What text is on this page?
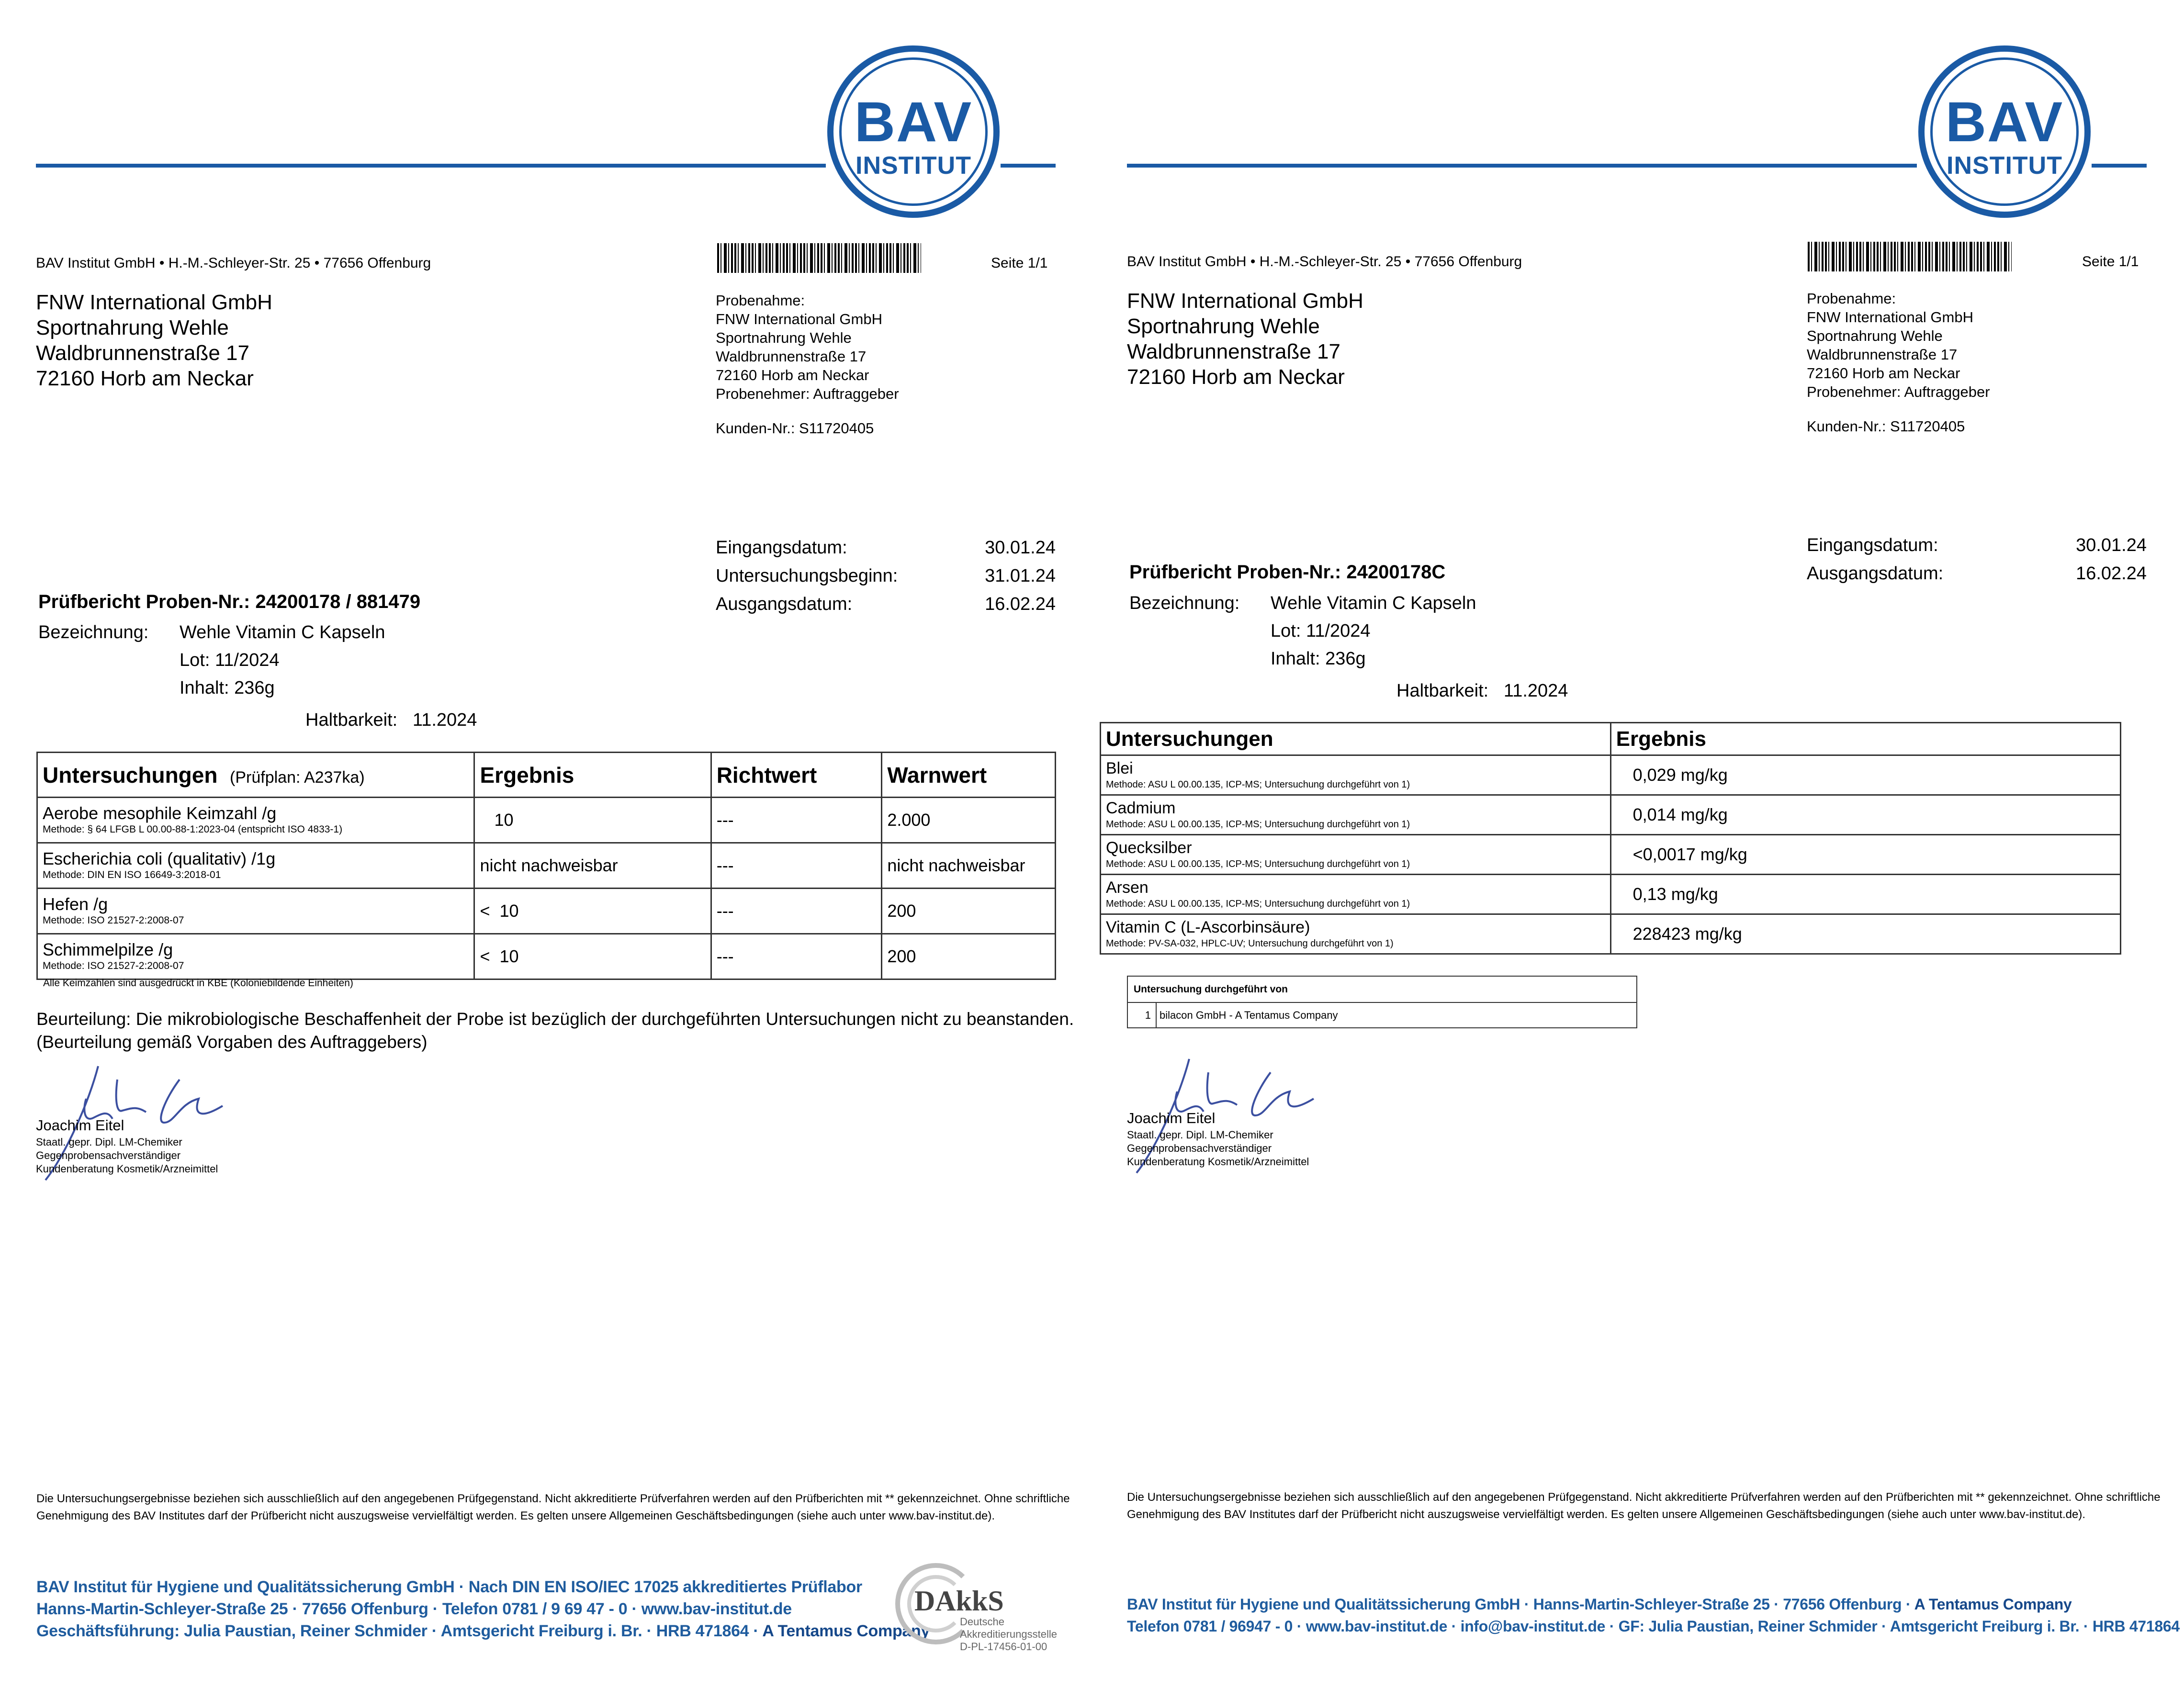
BAV
INSTITUT
BAV Institut GmbH • H.-M.-Schleyer-Str. 25 • 77656 Offenburg	Seite 1/1
FNW International GmbH
Sportnahrung Wehle
Waldbrunnenstraße 17
72160 Horb am Neckar
Probenahme:
FNW International GmbH
Sportnahrung Wehle
Waldbrunnenstraße 17
72160 Horb am Neckar
Probenehmer: Auftraggeber
Kunden-Nr.: S11720405
Eingangsdatum:	30.01.24
Untersuchungsbeginn:	31.01.24
Ausgangsdatum:	16.02.24
Prüfbericht Proben-Nr.: 24200178 / 881479
Bezeichnung: Wehle Vitamin C Kapseln
Lot: 11/2024
Inhalt: 236g
Haltbarkeit: 11.2024
Untersuchungen (Prüfplan: A237ka)	Ergebnis	Richtwert	Warnwert

Aerobe mesophile Keimzahl /g
Methode: § 64 LFGB L 00.00-88-1:2023-04 (entspricht ISO 4833-1)	10	---	2.000

Escherichia coli (qualitativ) /1g
Methode: DIN EN ISO 16649-3:2018-01	nicht nachweisbar	---	nicht nachweisbar

Hefen /g
Methode: ISO 21527-2:2008-07	<  10	---	200

Schimmelpilze /g
Methode: ISO 21527-2:2008-07	<  10	---	200
Alle Keimzahlen sind ausgedrückt in KBE (Koloniebildende Einheiten)
Beurteilung: Die mikrobiologische Beschaffenheit der Probe ist bezüglich der durchgeführten Untersuchungen nicht zu beanstanden. (Beurteilung gemäß Vorgaben des Auftraggebers)
Joachim Eitel
Staatl. gepr. Dipl. LM-Chemiker
Gegenprobensachverständiger
Kundenberatung Kosmetik/Arzneimittel
Die Untersuchungsergebnisse beziehen sich ausschließlich auf den angegebenen Prüfgegenstand. Nicht akkreditierte Prüfverfahren werden auf den Prüfberichten mit ** gekennzeichnet. Ohne schriftliche Genehmigung des BAV Institutes darf der Prüfbericht nicht auszugsweise vervielfältigt werden. Es gelten unsere Allgemeinen Geschäftsbedingungen (siehe auch unter www.bav-institut.de).
BAV Institut für Hygiene und Qualitätssicherung GmbH · Nach DIN EN ISO/IEC 17025 akkreditiertes Prüflabor
Hanns-Martin-Schleyer-Straße 25 · 77656 Offenburg · Telefon 0781 / 9 69 47 - 0 · www.bav-institut.de
Geschäftsführung: Julia Paustian, Reiner Schmider · Amtsgericht Freiburg i. Br. · HRB 471864 · A Tentamus Company
DAkkS
Deutsche
Akkreditierungsstelle
D-PL-17456-01-00
BAV
INSTITUT
BAV Institut GmbH • H.-M.-Schleyer-Str. 25 • 77656 Offenburg	Seite 1/1
FNW International GmbH
Sportnahrung Wehle
Waldbrunnenstraße 17
72160 Horb am Neckar
Probenahme:
FNW International GmbH
Sportnahrung Wehle
Waldbrunnenstraße 17
72160 Horb am Neckar
Probenehmer: Auftraggeber
Kunden-Nr.: S11720405
Eingangsdatum:	30.01.24
Ausgangsdatum:	16.02.24
Prüfbericht Proben-Nr.: 24200178C
Bezeichnung: Wehle Vitamin C Kapseln
Lot: 11/2024
Inhalt: 236g
Haltbarkeit: 11.2024
Untersuchungen	Ergebnis

Blei
Methode: ASU L 00.00.135, ICP-MS; Untersuchung durchgeführt von 1)	0,029 mg/kg

Cadmium
Methode: ASU L 00.00.135, ICP-MS; Untersuchung durchgeführt von 1)	0,014 mg/kg

Quecksilber
Methode: ASU L 00.00.135, ICP-MS; Untersuchung durchgeführt von 1)	<0,0017 mg/kg

Arsen
Methode: ASU L 00.00.135, ICP-MS; Untersuchung durchgeführt von 1)	0,13 mg/kg

Vitamin C (L-Ascorbinsäure)
Methode: PV-SA-032, HPLC-UV; Untersuchung durchgeführt von 1)	228423 mg/kg
Untersuchung durchgeführt von
1	bilacon GmbH - A Tentamus Company
Joachim Eitel
Staatl. gepr. Dipl. LM-Chemiker
Gegenprobensachverständiger
Kundenberatung Kosmetik/Arzneimittel
Die Untersuchungsergebnisse beziehen sich ausschließlich auf den angegebenen Prüfgegenstand. Nicht akkreditierte Prüfverfahren werden auf den Prüfberichten mit ** gekennzeichnet. Ohne schriftliche Genehmigung des BAV Institutes darf der Prüfbericht nicht auszugsweise vervielfältigt werden. Es gelten unsere Allgemeinen Geschäftsbedingungen (siehe auch unter www.bav-institut.de).
BAV Institut für Hygiene und Qualitätssicherung GmbH · Hanns-Martin-Schleyer-Straße 25 · 77656 Offenburg · A Tentamus Company
Telefon 0781 / 96947 - 0 · www.bav-institut.de · info@bav-institut.de · GF: Julia Paustian, Reiner Schmider · Amtsgericht Freiburg i. Br. · HRB 471864
